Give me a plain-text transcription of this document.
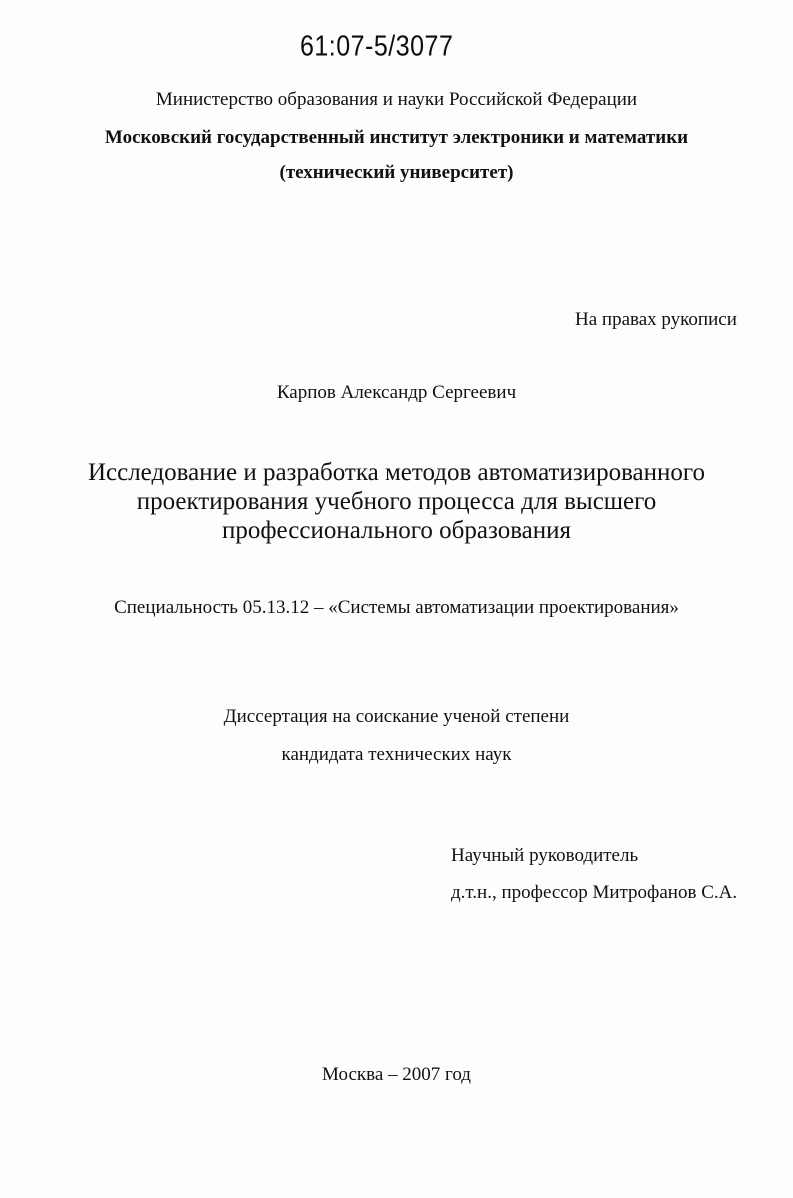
61:07-5/3077
Министерство образования и науки Российской Федерации
Московский государственный институт электроники и математики
(технический университет)
На правах рукописи
Карпов Александр Сергеевич
Исследование и разработка методов автоматизированного
проектирования учебного процесса для высшего
профессионального образования
Специальность 05.13.12 – «Системы автоматизации проектирования»
Диссертация на соискание ученой степени
кандидата технических наук
Научный руководитель
д.т.н., профессор Митрофанов С.А.
Москва – 2007 год
